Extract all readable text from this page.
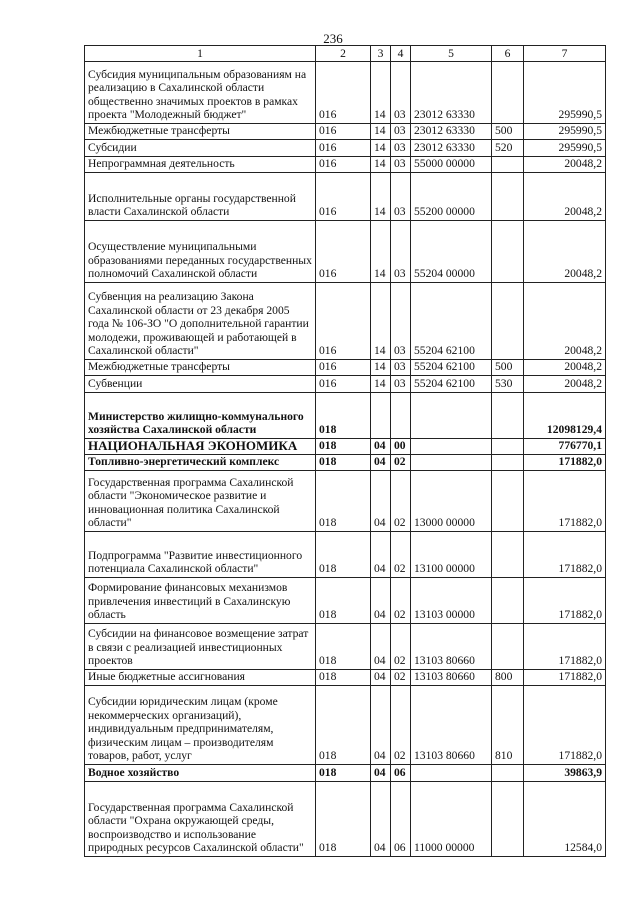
236
1	2	3	4	5	6	7
Субсидия муниципальным образованиям на реализацию в Сахалинской области общественно значимых проектов в рамках проекта "Молодежный бюджет"	016	14	03	23012 63330		295990,5
Межбюджетные трансферты	016	14	03	23012 63330	500	295990,5
Субсидии	016	14	03	23012 63330	520	295990,5
Непрограммная деятельность	016	14	03	55000 00000		20048,2
Исполнительные органы государственной власти Сахалинской области	016	14	03	55200 00000		20048,2
Осуществление муниципальными образованиями переданных государственных полномочий Сахалинской области	016	14	03	55204 00000		20048,2
Субвенция на реализацию Закона Сахалинской области от 23 декабря 2005 года № 106-ЗО "О дополнительной гарантии молодежи, проживающей и работающей в Сахалинской области"	016	14	03	55204 62100		20048,2
Межбюджетные трансферты	016	14	03	55204 62100	500	20048,2
Субвенции	016	14	03	55204 62100	530	20048,2
Министерство жилищно-коммунального хозяйства Сахалинской области	018					12098129,4
НАЦИОНАЛЬНАЯ ЭКОНОМИКА	018	04	00			776770,1
Топливно-энергетический комплекс	018	04	02			171882,0
Государственная программа Сахалинской области "Экономическое развитие и инновационная политика Сахалинской области"	018	04	02	13000 00000		171882,0
Подпрограмма "Развитие инвестиционного потенциала Сахалинской области"	018	04	02	13100 00000		171882,0
Формирование финансовых механизмов привлечения инвестиций в Сахалинскую область	018	04	02	13103 00000		171882,0
Субсидии на финансовое возмещение затрат в связи с реализацией инвестиционных проектов	018	04	02	13103 80660		171882,0
Иные бюджетные ассигнования	018	04	02	13103 80660	800	171882,0
Субсидии юридическим лицам (кроме некоммерческих организаций), индивидуальным предпринимателям, физическим лицам – производителям товаров, работ, услуг	018	04	02	13103 80660	810	171882,0
Водное хозяйство	018	04	06			39863,9
Государственная программа Сахалинской области "Охрана окружающей среды, воспроизводство и использование природных ресурсов Сахалинской области"	018	04	06	11000 00000		12584,0
